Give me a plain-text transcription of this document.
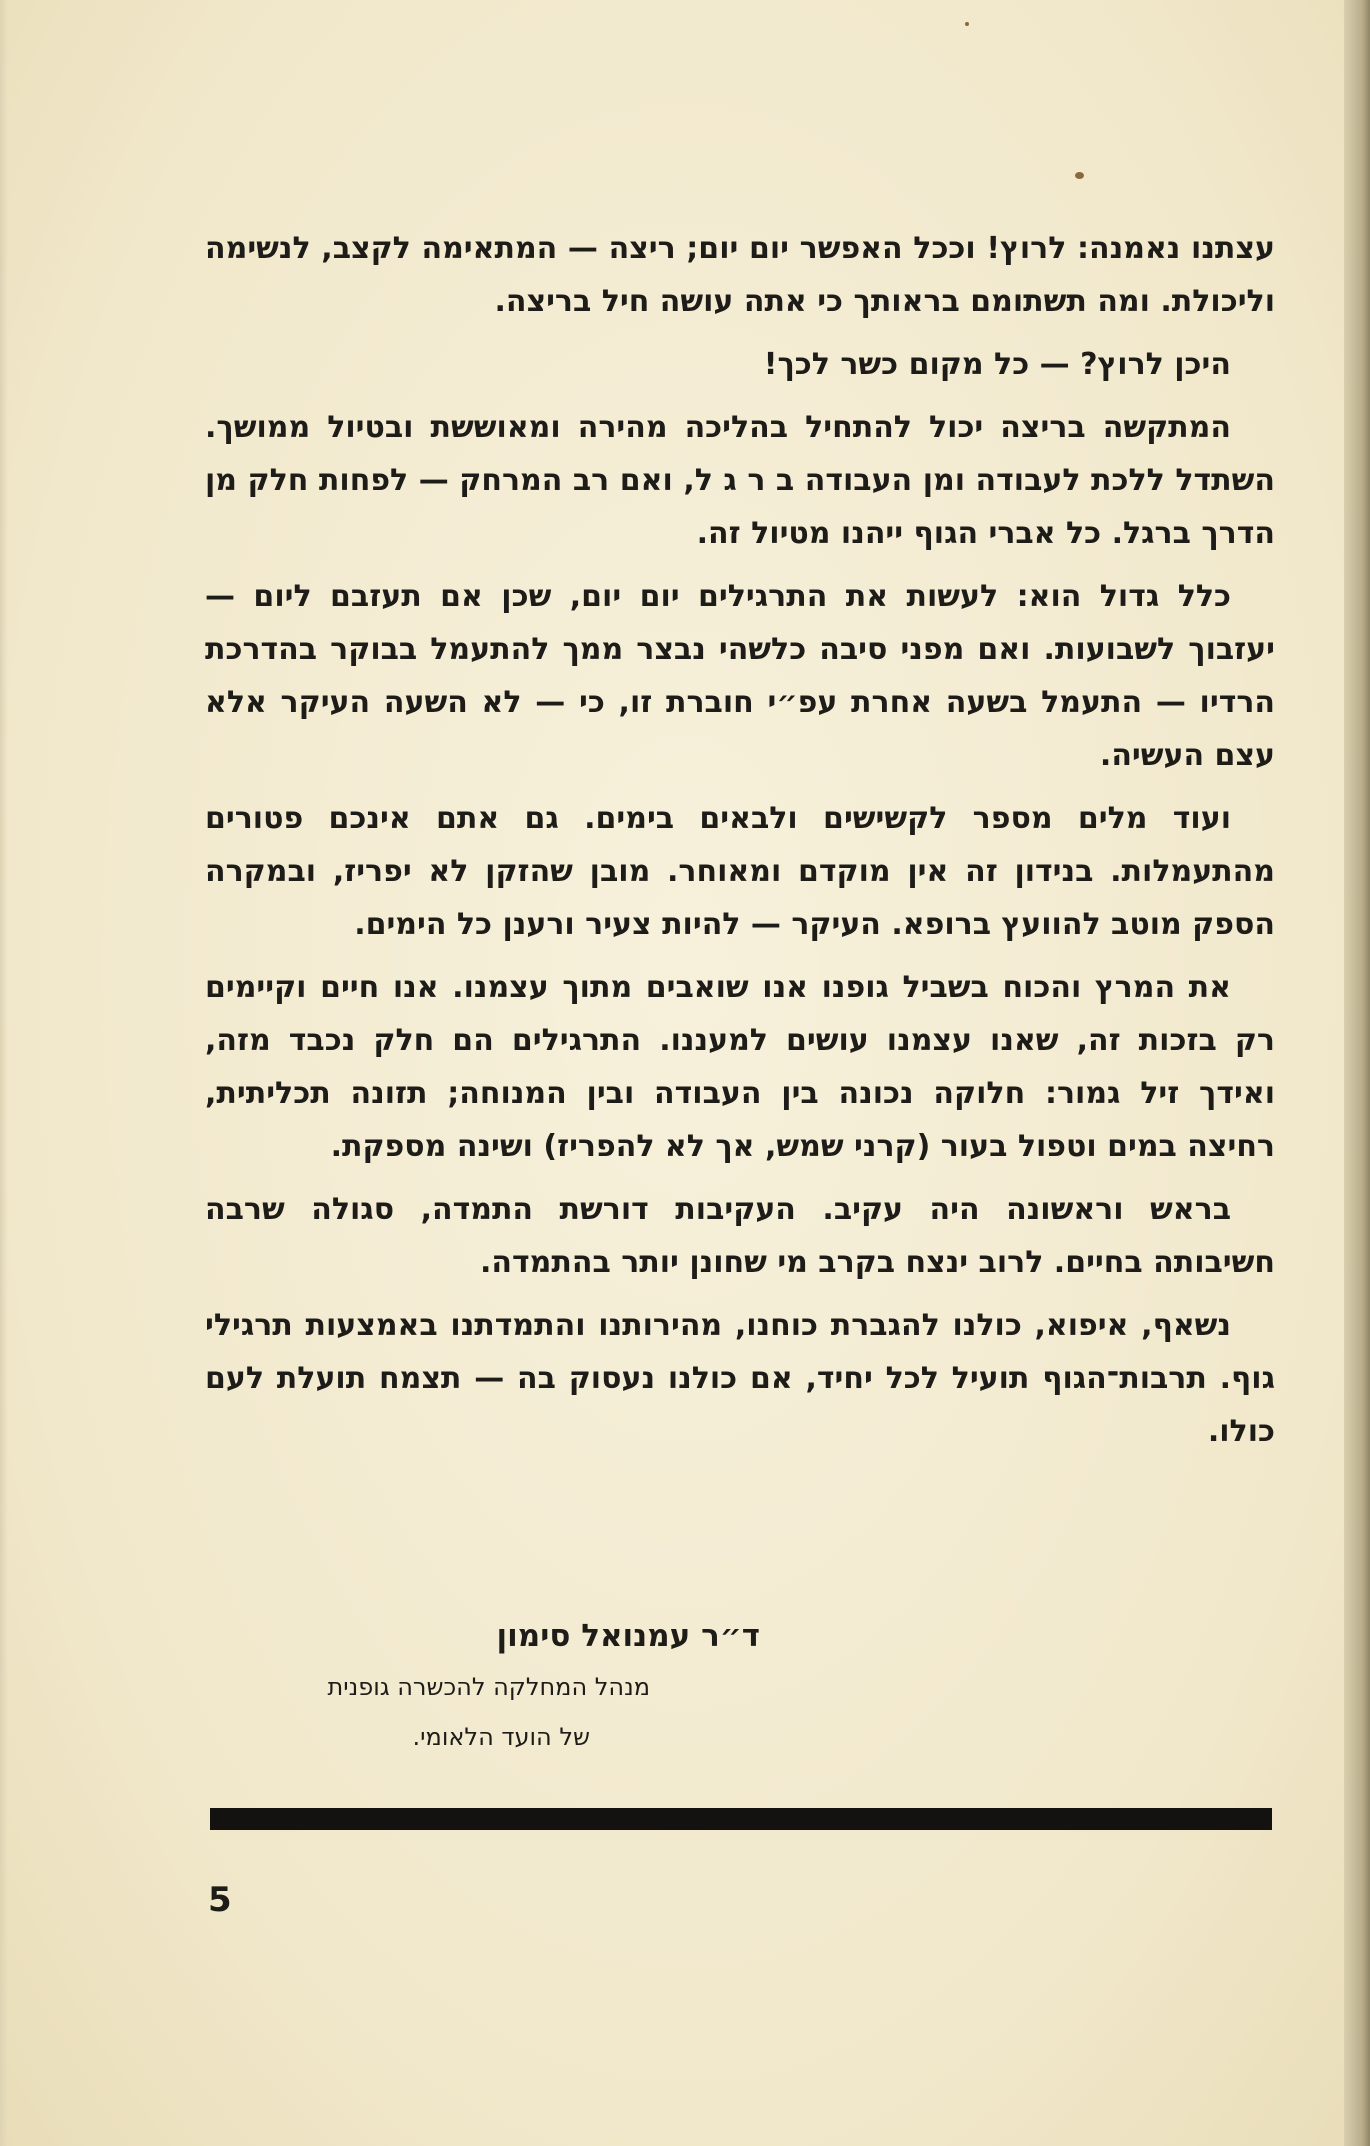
עצתנו נאמנה: לרוץ! וככל האפשר יום יום; ריצה — המתאימה לקצב, לנשימה וליכולת. ומה תשתומם בראותך כי אתה עושה חיל בריצה.

היכן לרוץ? — כל מקום כשר לכך!

המתקשה בריצה יכול להתחיל בהליכה מהירה ומאוששת ובטיול ממושך. השתדל ללכת לעבודה ומן העבודה ב ר ג ל, ואם רב המרחק — לפחות חלק מן הדרך ברגל. כל אברי הגוף ייהנו מטיול זה.

כלל גדול הוא: לעשות את התרגילים יום יום, שכן אם תעזבם ליום — יעזבוך לשבועות. ואם מפני סיבה כלשהי נבצר ממך להתעמל בבוקר בהדרכת הרדיו — התעמל בשעה אחרת עפ״י חוברת זו, כי — לא השעה העיקר אלא עצם העשיה.

ועוד מלים מספר לקשישים ולבאים בימים. גם אתם אינכם פטורים מהתעמלות. בנידון זה אין מוקדם ומאוחר. מובן שהזקן לא יפריז, ובמקרה הספק מוטב להוועץ ברופא. העיקר — להיות צעיר ורענן כל הימים.

את המרץ והכוח בשביל גופנו אנו שואבים מתוך עצמנו. אנו חיים וקיימים רק בזכות זה, שאנו עצמנו עושים למעננו. התרגילים הם חלק נכבד מזה, ואידך זיל גמור: חלוקה נכונה בין העבודה ובין המנוחה; תזונה תכליתית, רחיצה במים וטפול בעור (קרני שמש, אך לא להפריז) ושינה מספקת.

בראש וראשונה היה עקיב. העקיבות דורשת התמדה, סגולה שרבה חשיבותה בחיים. לרוב ינצח בקרב מי שחונן יותר בהתמדה.

נשאף, איפוא, כולנו להגברת כוחנו, מהירותנו והתמדתנו באמצעות תרגילי גוף. תרבות־הגוף תועיל לכל יחיד, אם כולנו נעסוק בה — תצמח תועלת לעם כולו.

ד״ר עמנואל סימון
מנהל המחלקה להכשרה גופנית
של הועד הלאומי.
5
